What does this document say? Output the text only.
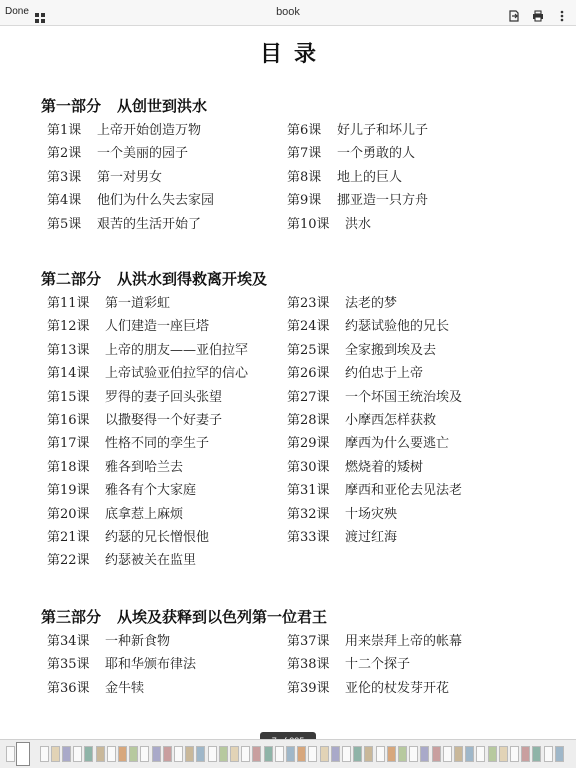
Done	book
目录
第一部分 从创世到洪水
第1课 上帝开始创造万物
第2课 一个美丽的园子
第3课 第一对男女
第4课 他们为什么失去家园
第5课 艰苦的生活开始了
第6课 好儿子和坏儿子
第7课 一个勇敢的人
第8课 地上的巨人
第9课 挪亚造一只方舟
第10课 洪水
第二部分 从洪水到得救离开埃及
第11课 第一道彩虹
第12课 人们建造一座巨塔
第13课 上帝的朋友——亚伯拉罕
第14课 上帝试验亚伯拉罕的信心
第15课 罗得的妻子回头张望
第16课 以撒娶得一个好妻子
第17课 性格不同的孪生子
第18课 雅各到哈兰去
第19课 雅各有个大家庭
第20课 底拿惹上麻烦
第21课 约瑟的兄长憎恨他
第22课 约瑟被关在监里
第23课 法老的梦
第24课 约瑟试验他的兄长
第25课 全家搬到埃及去
第26课 约伯忠于上帝
第27课 一个坏国王统治埃及
第28课 小摩西怎样获救
第29课 摩西为什么要逃亡
第30课 燃烧着的矮树
第31课 摩西和亚伦去见法老
第32课 十场灾殃
第33课 渡过红海
第三部分 从埃及获释到以色列第一位君王
第34课 一种新食物
第35课 耶和华颁布律法
第36课 金牛犊
第37课 用来崇拜上帝的帐幕
第38课 十二个探子
第39课 亚伦的杖发芽开花
